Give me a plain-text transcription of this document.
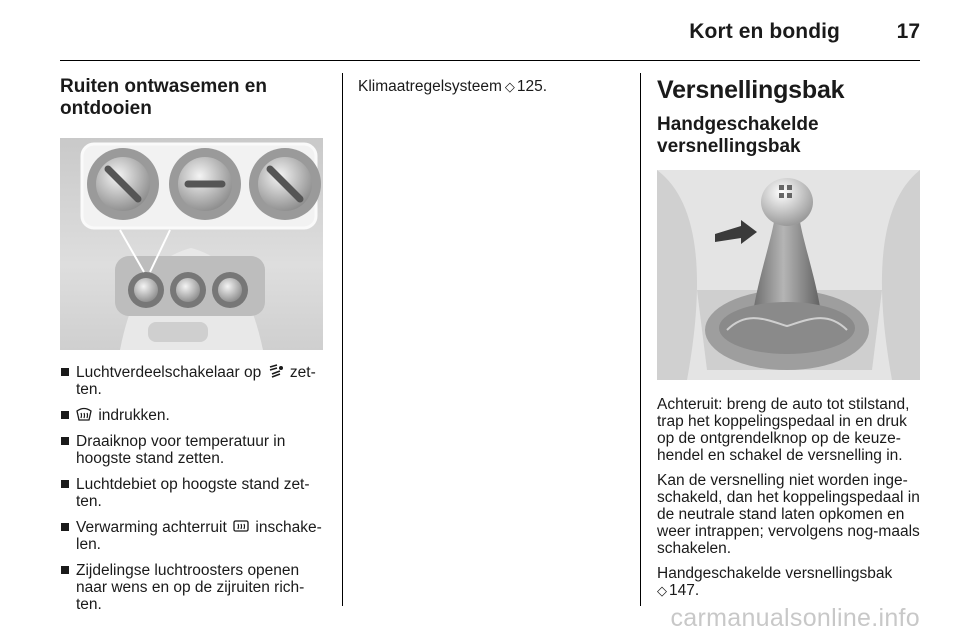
Kort en bondig	17
Ruiten ontwasemen en ontdooien
Luchtverdeelschakelaar op zet-ten.
indrukken.
Draaiknop voor temperatuur in hoogste stand zetten.
Luchtdebiet op hoogste stand zet-ten.
Verwarming achterruit inschake-len.
Zijdelingse luchtroosters openen naar wens en op de zijruiten rich-ten.

Klimaatregelsysteem ◇ 125.	Versnellingsbak
Handgeschakelde versnellingsbak

Achteruit: breng de auto tot stilstand, trap het koppelingspedaal in en druk op de ontgrendelknop op de keuze-hendel en schakel de versnelling in.

Kan de versnelling niet worden inge-schakeld, dan het koppelingspedaal in de neutrale stand laten opkomen en weer intrappen; vervolgens nog-maals schakelen.

Handgeschakelde versnellingsbak
◇ 147.

carmanualsonline.info
